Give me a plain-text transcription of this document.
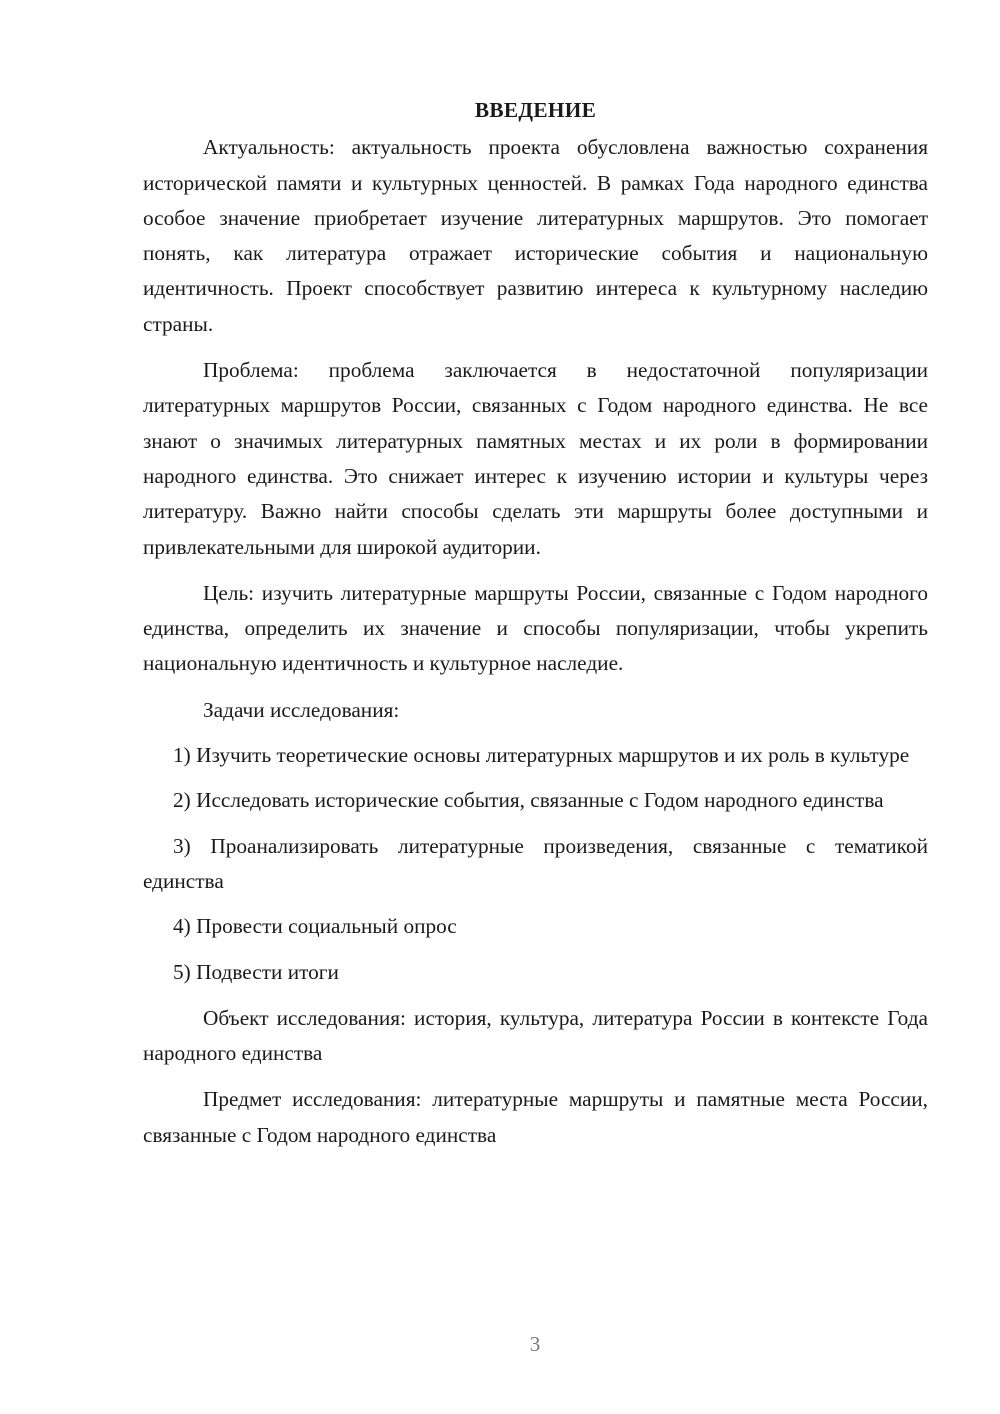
ВВЕДЕНИЕ

Актуальность: актуальность проекта обусловлена важностью сохранения исторической памяти и культурных ценностей. В рамках Года народного единства особое значение приобретает изучение литературных маршрутов. Это помогает понять, как литература отражает исторические события и национальную идентичность. Проект способствует развитию интереса к культурному наследию страны.

Проблема: проблема заключается в недостаточной популяризации литературных маршрутов России, связанных с Годом народного единства. Не все знают о значимых литературных памятных местах и их роли в формировании народного единства. Это снижает интерес к изучению истории и культуры через литературу. Важно найти способы сделать эти маршруты более доступными и привлекательными для широкой аудитории.

Цель: изучить литературные маршруты России, связанные с Годом народного единства, определить их значение и способы популяризации, чтобы укрепить национальную идентичность и культурное наследие.

Задачи исследования:

1) Изучить теоретические основы литературных маршрутов и их роль в культуре

2) Исследовать исторические события, связанные с Годом народного единства

3) Проанализировать литературные произведения, связанные с тематикой единства

4) Провести социальный опрос

5) Подвести итоги

Объект исследования: история, культура, литература России в контексте Года народного единства

Предмет исследования: литературные маршруты и памятные места России, связанные с Годом народного единства

3
